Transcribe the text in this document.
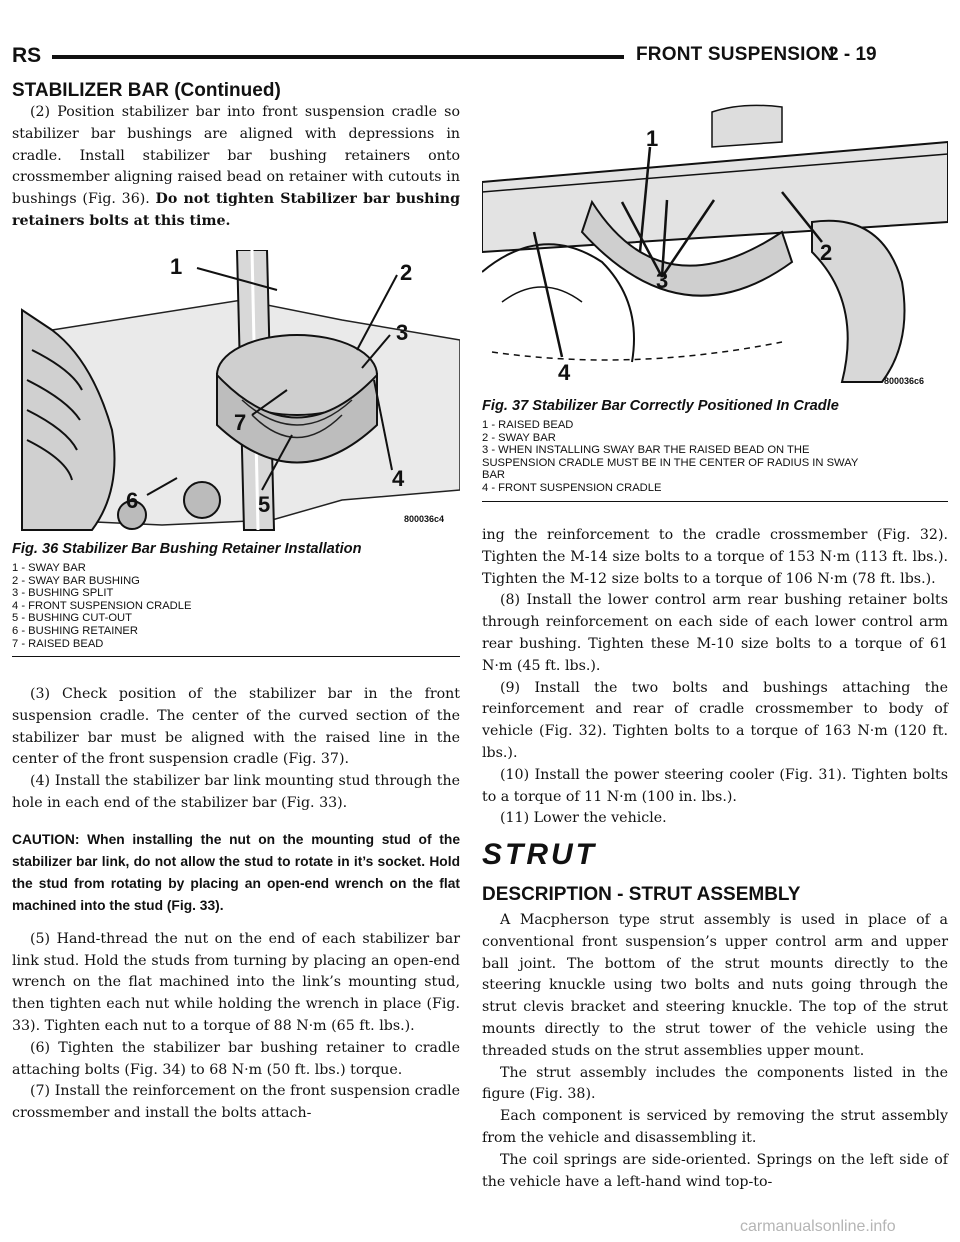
RS	FRONT SUSPENSION
2 - 19
STABILIZER BAR (Continued)

(2) Position stabilizer bar into front suspension cradle so stabilizer bar bushings are aligned with depressions in cradle. Install stabilizer bar bushing retainers onto crossmember aligning raised bead on retainer with cutouts in bushings (Fig. 36). Do not tighten Stabilizer bar bushing retainers bolts at this time.

1	2
3
4
5
6
7
800036c4
Fig. 36 Stabilizer Bar Bushing Retainer Installation
1 - SWAY BAR
2 - SWAY BAR BUSHING
3 - BUSHING SPLIT
4 - FRONT SUSPENSION CRADLE
5 - BUSHING CUT-OUT
6 - BUSHING RETAINER
7 - RAISED BEAD

(3) Check position of the stabilizer bar in the front suspension cradle. The center of the curved section of the stabilizer bar must be aligned with the raised line in the center of the front suspension cradle (Fig. 37).

(4) Install the stabilizer bar link mounting stud through the hole in each end of the stabilizer bar (Fig. 33).

CAUTION: When installing the nut on the mounting stud of the stabilizer bar link, do not allow the stud to rotate in it’s socket. Hold the stud from rotating by placing an open-end wrench on the flat machined into the stud (Fig. 33).

(5) Hand-thread the nut on the end of each stabilizer bar link stud. Hold the studs from turning by placing an open-end wrench on the flat machined into the link’s mounting stud, then tighten each nut while holding the wrench in place (Fig. 33). Tighten each nut to a torque of 88 N·m (65 ft. lbs.).

(6) Tighten the stabilizer bar bushing retainer to cradle attaching bolts (Fig. 34) to 68 N·m (50 ft. lbs.) torque.

(7) Install the reinforcement on the front suspension cradle crossmember and install the bolts attach-

1
2
3
4	800036c6
Fig. 37 Stabilizer Bar Correctly Positioned In Cradle
1 - RAISED BEAD
2 - SWAY BAR
3 - WHEN INSTALLING SWAY BAR THE RAISED BEAD ON THE SUSPENSION CRADLE MUST BE IN THE CENTER OF RADIUS IN SWAY BAR
4 - FRONT SUSPENSION CRADLE

ing the reinforcement to the cradle crossmember (Fig. 32). Tighten the M-14 size bolts to a torque of 153 N·m (113 ft. lbs.). Tighten the M-12 size bolts to a torque of 106 N·m (78 ft. lbs.).

(8) Install the lower control arm rear bushing retainer bolts through reinforcement on each side of each lower control arm rear bushing. Tighten these M-10 size bolts to a torque of 61 N·m (45 ft. lbs.).

(9) Install the two bolts and bushings attaching the reinforcement and rear of cradle crossmember to body of vehicle (Fig. 32). Tighten bolts to a torque of 163 N·m (120 ft. lbs.).

(10) Install the power steering cooler (Fig. 31). Tighten bolts to a torque of 11 N·m (100 in. lbs.).

(11) Lower the vehicle.

STRUT
DESCRIPTION - STRUT ASSEMBLY

A Macpherson type strut assembly is used in place of a conventional front suspension’s upper control arm and upper ball joint. The bottom of the strut mounts directly to the steering knuckle using two bolts and nuts going through the strut clevis bracket and steering knuckle. The top of the strut mounts directly to the strut tower of the vehicle using the threaded studs on the strut assemblies upper mount.

The strut assembly includes the components listed in the figure (Fig. 38).

Each component is serviced by removing the strut assembly from the vehicle and disassembling it.

The coil springs are side-oriented. Springs on the left side of the vehicle have a left-hand wind top-to-

carmanualsonline.info
